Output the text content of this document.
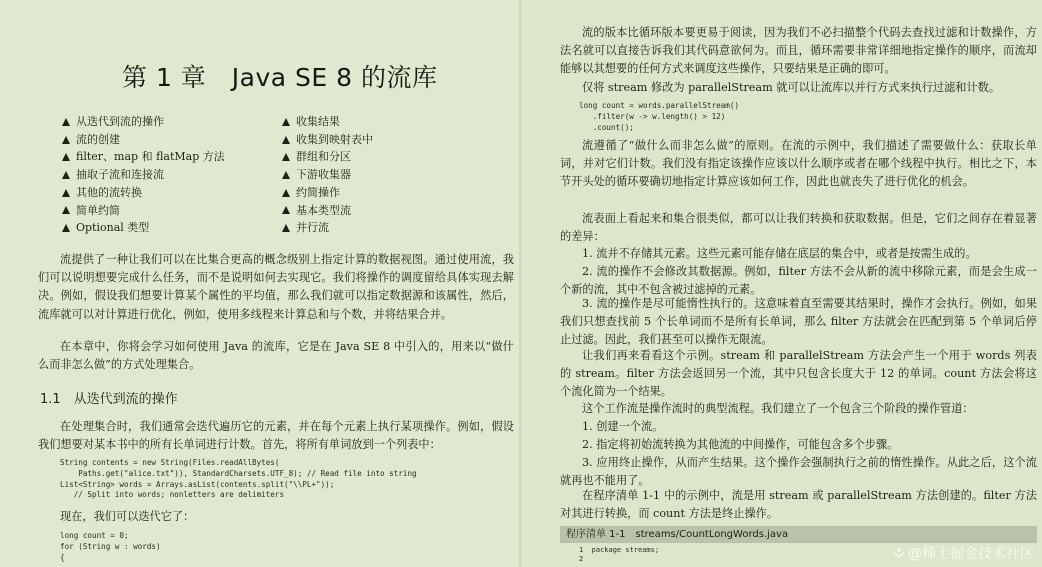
第 1 章　Java SE 8 的流库
从迭代到流的操作
流的创建
filter、map 和 flatMap 方法
抽取子流和连接流
其他的流转换
简单约简
Optional 类型
收集结果
收集到映射表中
群组和分区
下游收集器
约简操作
基本类型流
并行流
流提供了一种让我们可以在比集合更高的概念级别上指定计算的数据视图。通过使用流，我们可以说明想要完成什么任务，而不是说明如何去实现它。我们将操作的调度留给具体实现去解决。例如，假设我们想要计算某个属性的平均值，那么我们就可以指定数据源和该属性，然后，流库就可以对计算进行优化，例如，使用多线程来计算总和与个数，并将结果合并。
在本章中，你将会学习如何使用 Java 的流库，它是在 Java SE 8 中引入的，用来以“做什么而非怎么做”的方式处理集合。
1.1　从迭代到流的操作
在处理集合时，我们通常会迭代遍历它的元素，并在每个元素上执行某项操作。例如，假设我们想要对某本书中的所有长单词进行计数。首先，将所有单词放到一个列表中：
String contents = new String(Files.readAllBytes(
Paths.get("alice.txt")), StandardCharsets.UTF_8); // Read file into string
List<String> words = Arrays.asList(contents.split("\\PL+"));
// Split into words; nonletters are delimiters
现在，我们可以迭代它了：
long count = 0;
for (String w : words)
{
流的版本比循环版本要更易于阅读，因为我们不必扫描整个代码去查找过滤和计数操作，方法名就可以直接告诉我们其代码意欲何为。而且，循环需要非常详细地指定操作的顺序，而流却能够以其想要的任何方式来调度这些操作，只要结果是正确的即可。
仅将 stream 修改为 parallelStream 就可以让流库以并行方式来执行过滤和计数。
long count = words.parallelStream()
.filter(w -> w.length() > 12)
.count();
流遵循了“做什么而非怎么做”的原则。在流的示例中，我们描述了需要做什么：获取长单词，并对它们计数。我们没有指定该操作应该以什么顺序或者在哪个线程中执行。相比之下，本节开头处的循环要确切地指定计算应该如何工作，因此也就丧失了进行优化的机会。
流表面上看起来和集合很类似，都可以让我们转换和获取数据。但是，它们之间存在着显著的差异：
1. 流并不存储其元素。这些元素可能存储在底层的集合中，或者是按需生成的。
2. 流的操作不会修改其数据源。例如，filter 方法不会从新的流中移除元素，而是会生成一个新的流，其中不包含被过滤掉的元素。
3. 流的操作是尽可能惰性执行的。这意味着直至需要其结果时，操作才会执行。例如，如果我们只想查找前 5 个长单词而不是所有长单词，那么 filter 方法就会在匹配到第 5 个单词后停止过滤。因此，我们甚至可以操作无限流。
让我们再来看看这个示例。stream 和 parallelStream 方法会产生一个用于 words 列表的 stream。filter 方法会返回另一个流，其中只包含长度大于 12 的单词。count 方法会将这个流化简为一个结果。
这个工作流是操作流时的典型流程。我们建立了一个包含三个阶段的操作管道：
1. 创建一个流。
2. 指定将初始流转换为其他流的中间操作，可能包含多个步骤。
3. 应用终止操作，从而产生结果。这个操作会强制执行之前的惰性操作。从此之后，这个流就再也不能用了。
在程序清单 1-1 中的示例中，流是用 stream 或 parallelStream 方法创建的。filter 方法对其进行转换，而 count 方法是终止操作。
程序清单 1-1　streams/CountLongWords.java
1  package streams;
2	@稀土掘金技术社区
